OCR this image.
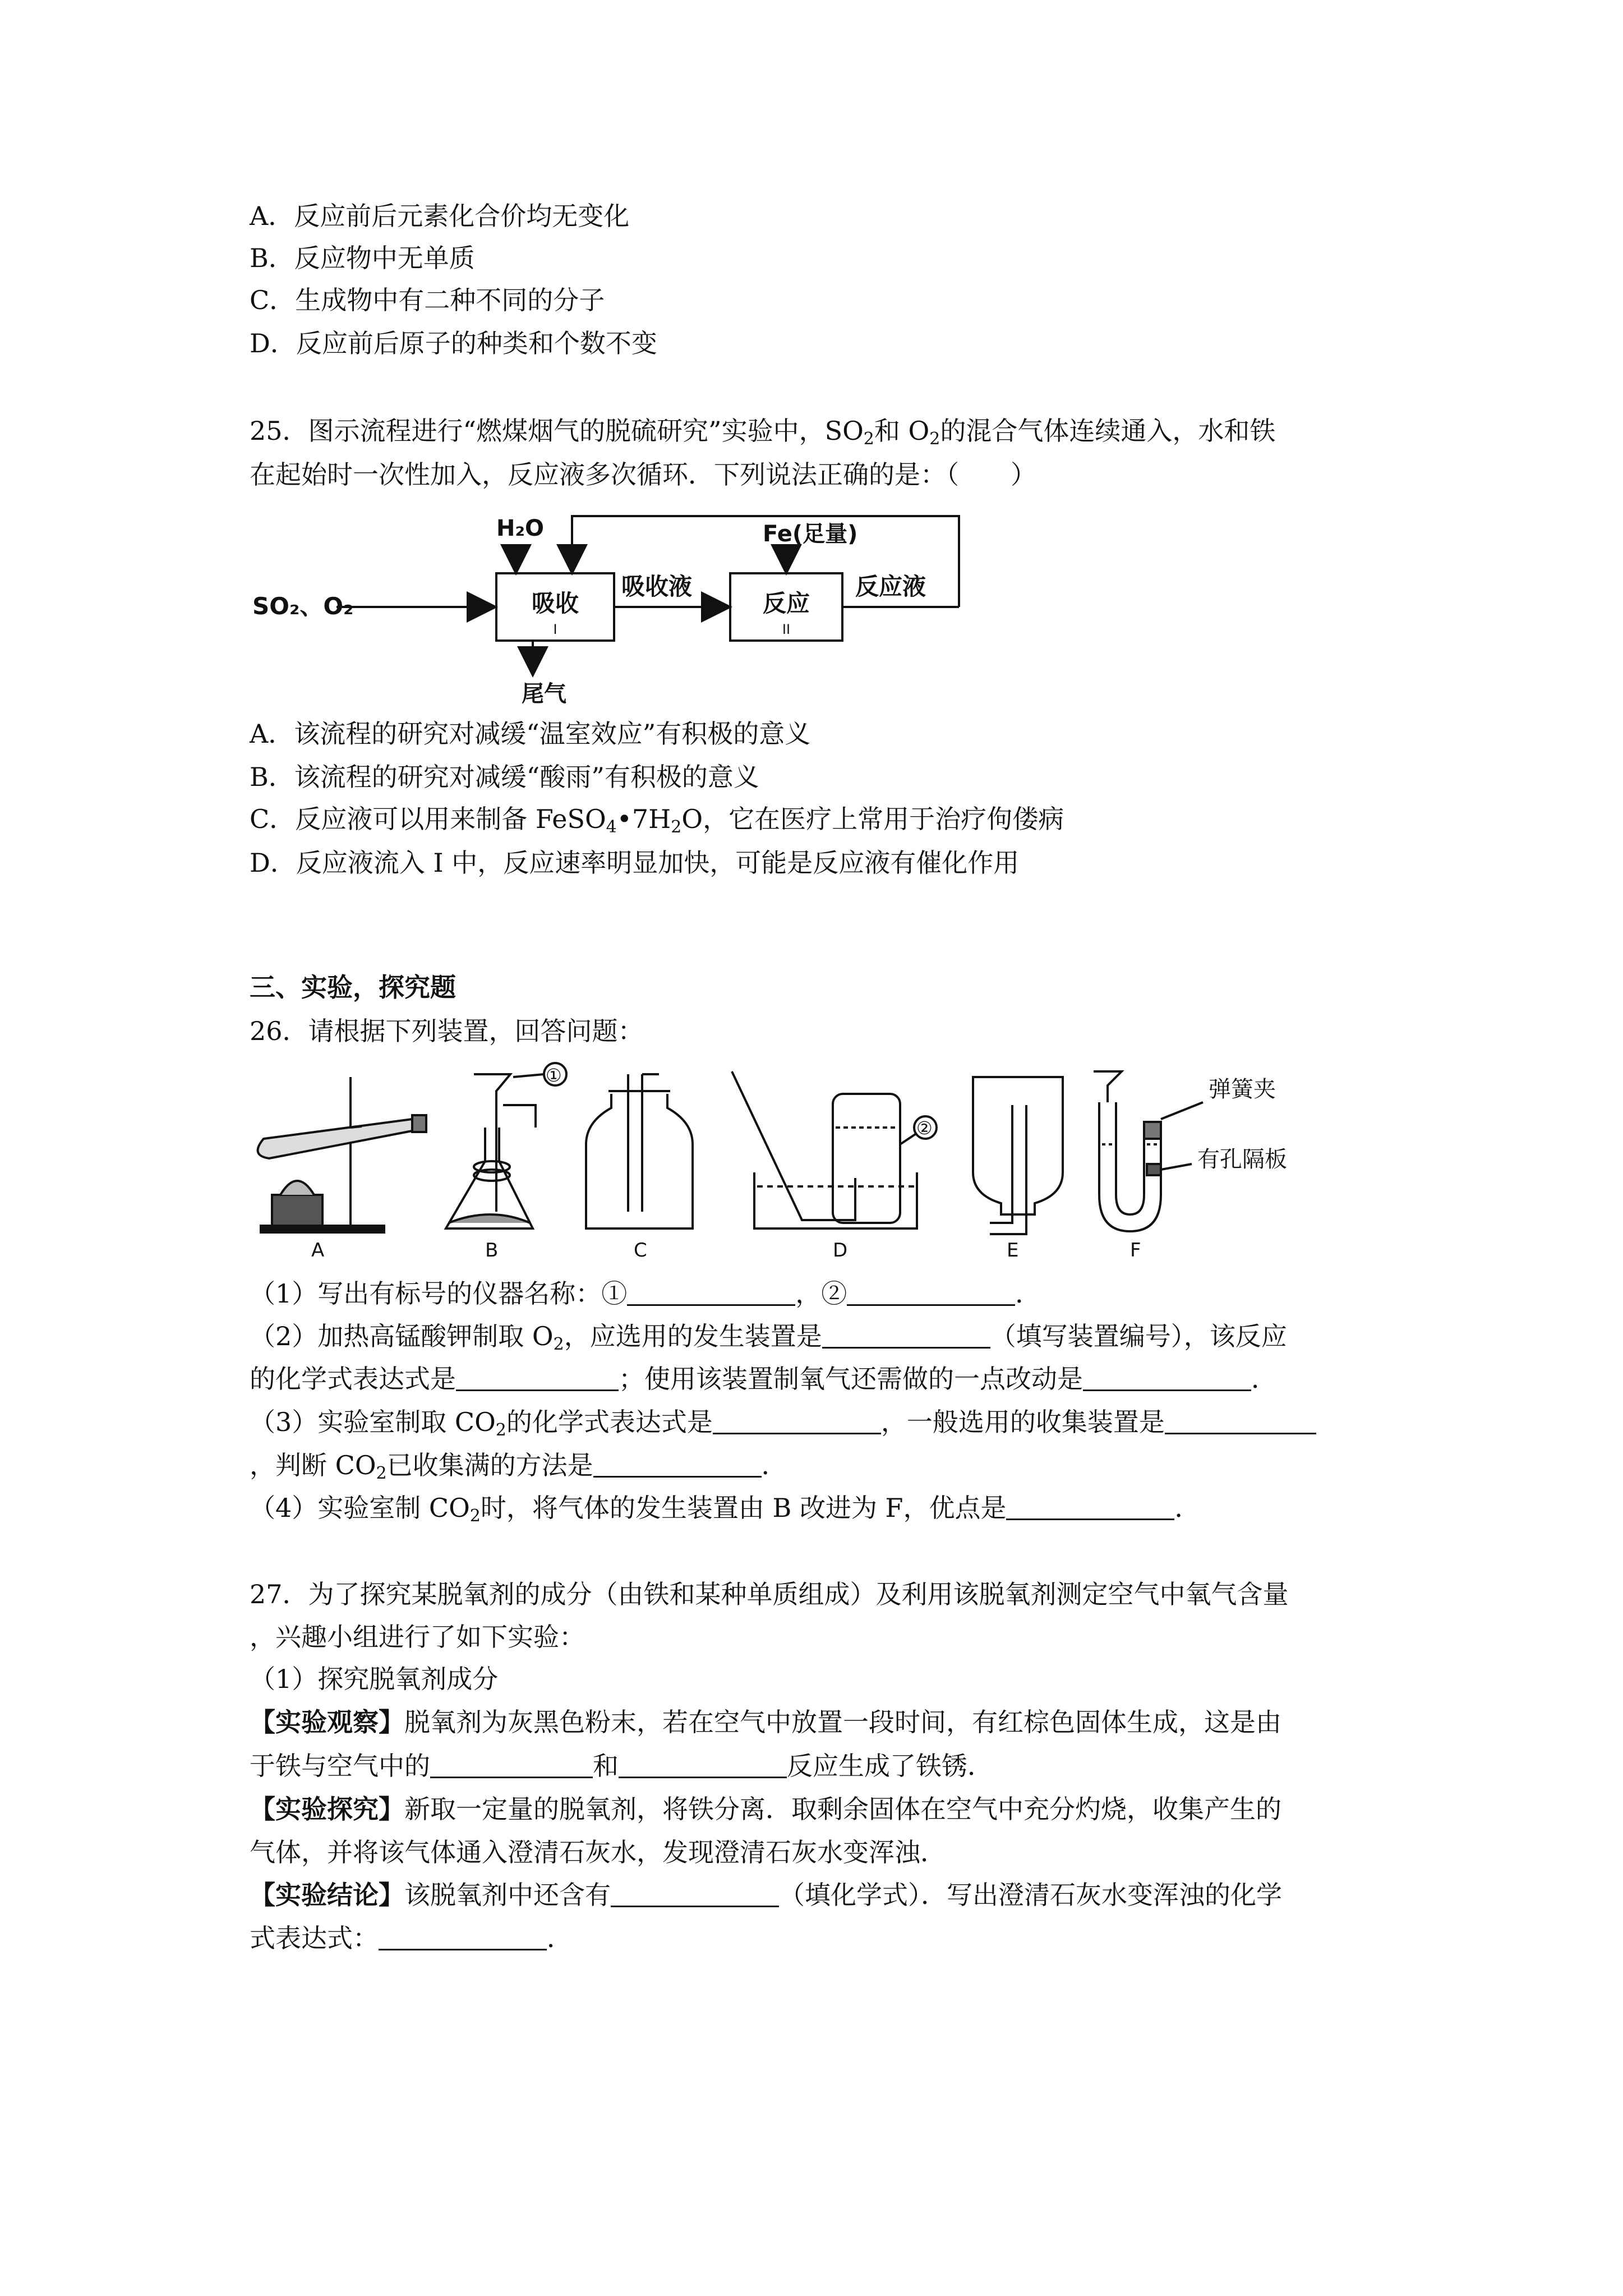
A．反应前后元素化合价均无变化
B．反应物中无单质
C．生成物中有二种不同的分子
D．反应前后原子的种类和个数不变
25．图示流程进行“燃煤烟气的脱硫研究”实验中，$SO_2$和 $O_2$的混合气体连续通入，水和铁
在起始时一次性加入，反应液多次循环．下列说法正确的是：（　　）
SO₂、O₂	吸收
I
H₂O
吸收液
反应
II
Fe(足量)
反应液
尾气
A．该流程的研究对减缓“温室效应”有积极的意义
B．该流程的研究对减缓“酸雨”有积极的意义
C．反应液可以用来制备 $FeSO_4•7H_2O$，它在医疗上常用于治疗佝偻病
D．反应液流入 I 中，反应速率明显加快，可能是反应液有催化作用
三、实验，探究题
26．请根据下列装置，回答问题：
①
②
弹簧夹
有孔隔板
A	B	C	D	E	F
（1）写出有标号的仪器名称：①	，②	．
（2）加热高锰酸钾制取 $O_2$，应选用的发生装置是	（填写装置编号），该反应
的化学式表达式是	；使用该装置制氧气还需做的一点改动是	．
（3）实验室制取 $CO_2$的化学式表达式是	，一般选用的收集装置是
，判断 $CO_2$已收集满的方法是	．
（4）实验室制 $CO_2$时，将气体的发生装置由 B 改进为 F，优点是	．
27．为了探究某脱氧剂的成分（由铁和某种单质组成）及利用该脱氧剂测定空气中氧气含量
，兴趣小组进行了如下实验：
（1）探究脱氧剂成分
【实验观察】脱氧剂为灰黑色粉末，若在空气中放置一段时间，有红棕色固体生成，这是由
于铁与空气中的	和	反应生成了铁锈．
【实验探究】新取一定量的脱氧剂，将铁分离．取剩余固体在空气中充分灼烧，收集产生的
气体，并将该气体通入澄清石灰水，发现澄清石灰水变浑浊．
【实验结论】该脱氧剂中还含有	（填化学式）．写出澄清石灰水变浑浊的化学
式表达式：	．
